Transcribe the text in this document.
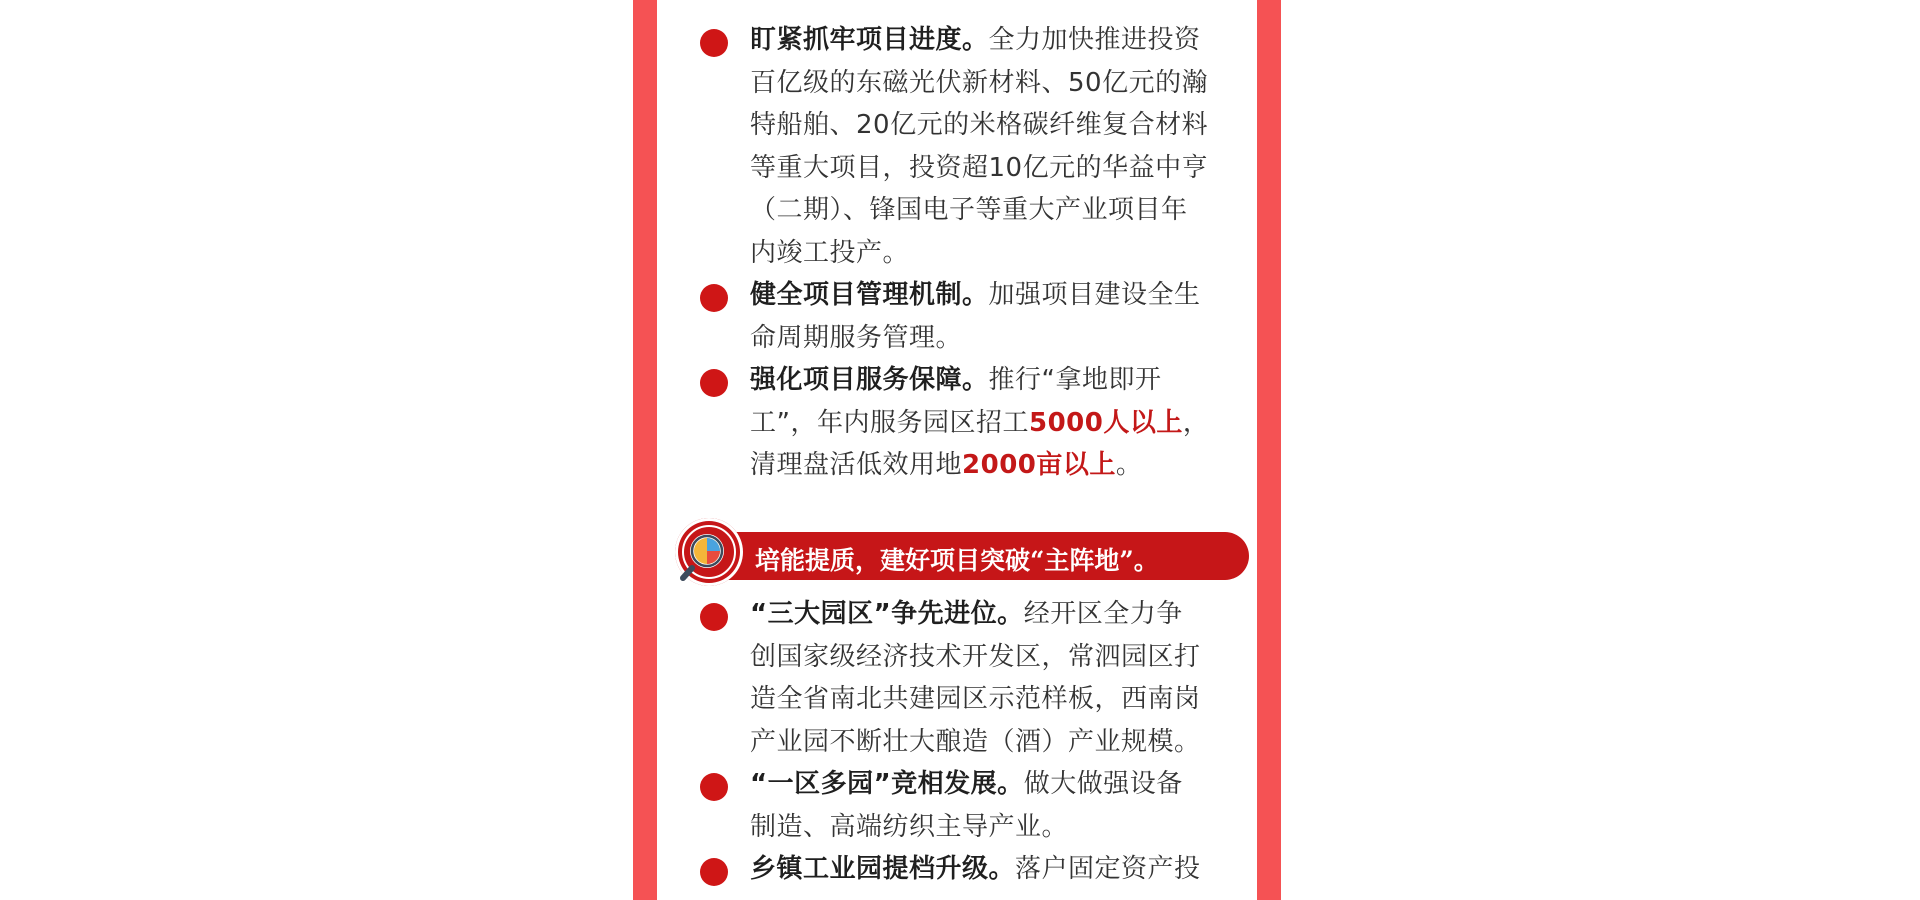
盯紧抓牢项目进度。全力加快推进投资
百亿级的东磁光伏新材料、50亿元的瀚
特船舶、20亿元的米格碳纤维复合材料
等重大项目，投资超10亿元的华益中亨
（二期）、锋国电子等重大产业项目年
内竣工投产。
健全项目管理机制。加强项目建设全生
命周期服务管理。
强化项目服务保障。推行“拿地即开
工”，年内服务园区招工5000人以上，
清理盘活低效用地2000亩以上。
培能提质，建好项目突破“主阵地”。
“三大园区”争先进位。经开区全力争
创国家级经济技术开发区，常泗园区打
造全省南北共建园区示范样板，西南岗
产业园不断壮大酿造（酒）产业规模。
“一区多园”竞相发展。做大做强设备
制造、高端纺织主导产业。
乡镇工业园提档升级。落户固定资产投
